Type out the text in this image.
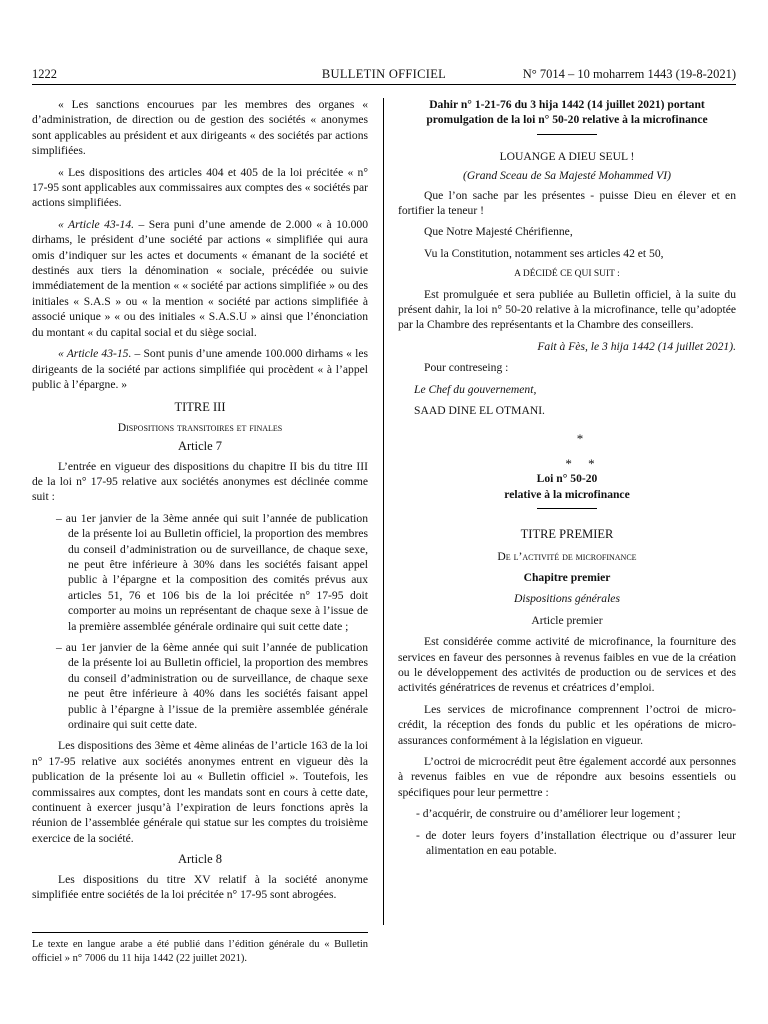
BULLETIN OFFICIEL
1222	N° 7014 – 10 moharrem 1443 (19-8-2021)

« Les sanctions encourues par les membres des organes « d’administration, de direction ou de gestion des sociétés « anonymes sont applicables au président et aux dirigeants « des sociétés par actions simplifiées.

« Les dispositions des articles 404 et 405 de la loi précitée « n° 17-95 sont applicables aux commissaires aux comptes des « sociétés par actions simplifiées.

« Article 43-14. – Sera puni d’une amende de 2.000 « à 10.000 dirhams, le président d’une société par actions « simplifiée qui aura omis d’indiquer sur les actes et documents « émanant de la société et destinés aux tiers la dénomination « sociale, précédée ou suivie immédiatement de la mention « « société par actions simplifiée » ou des initiales « S.A.S » ou « la mention « société par actions simplifiée à associé unique » « ou des initiales « S.A.S.U » ainsi que l’énonciation du montant « du capital social et du siège social.

« Article 43-15. – Sont punis d’une amende 100.000 dirhams « les dirigeants de la société par actions simplifiée qui procèdent « à l’appel public à l’épargne. »

TITRE III

Dispositions transitoires et finales

Article 7

L’entrée en vigueur des dispositions du chapitre II bis du titre III de la loi n° 17-95 relative aux sociétés anonymes est déclinée comme suit :

– au 1er janvier de la 3ème année qui suit l’année de publication de la présente loi au Bulletin officiel, la proportion des membres du conseil d’administration ou de surveillance, de chaque sexe, ne peut être inférieure à 30% dans les sociétés faisant appel public à l’épargne et la composition des comités prévus aux articles 51, 76 et 106 bis de la loi précitée n° 17-95 doit comporter au moins un représentant de chaque sexe à l’issue de la première assemblée générale ordinaire qui suit cette date ;

– au 1er janvier de la 6ème année qui suit l’année de publication de la présente loi au Bulletin officiel, la proportion des membres du conseil d’administration ou de surveillance, de chaque sexe ne peut être inférieure à 40% dans les sociétés faisant appel public à l’épargne à l’issue de la première assemblée générale ordinaire qui suit cette date.

Les dispositions des 3ème et 4ème alinéas de l’article 163 de la loi n° 17-95 relative aux sociétés anonymes entrent en vigueur dès la publication de la présente loi au « Bulletin officiel ». Toutefois, les commissaires aux comptes, dont les mandats sont en cours à cette date, continuent à exercer jusqu’à l’expiration de leurs fonctions après la réunion de l’assemblée générale qui statue sur les comptes du troisième exercice de la société.

Article 8

Les dispositions du titre XV relatif à la société anonyme simplifiée entre sociétés de la loi précitée n° 17-95 sont abrogées.

Le texte en langue arabe a été publié dans l’édition générale du « Bulletin officiel » n° 7006 du 11 hija 1442 (22 juillet 2021).

Dahir n° 1-21-76 du 3 hija 1442 (14 juillet 2021) portant promulgation de la loi n° 50-20 relative à la microfinance

LOUANGE A DIEU SEUL !

(Grand Sceau de Sa Majesté Mohammed VI)

Que l’on sache par les présentes - puisse Dieu en élever et en fortifier la teneur !

Que Notre Majesté Chérifienne,

Vu la Constitution, notamment ses articles 42 et 50,

A DÉCIDÉ CE QUI SUIT :

Est promulguée et sera publiée au Bulletin officiel, à la suite du présent dahir, la loi n° 50-20 relative à la microfinance, telle qu’adoptée par la Chambre des représentants et la Chambre des conseillers.

Fait à Fès, le 3 hija 1442 (14 juillet 2021).

Pour contreseing :

Le Chef du gouvernement,

SAAD DINE EL OTMANI.

*

*     *

Loi n° 50-20

relative à la microfinance

TITRE PREMIER

De l’activité de microfinance

Chapitre premier

Dispositions générales

Article premier

Est considérée comme activité de microfinance, la fourniture des services en faveur des personnes à revenus faibles en vue de la création ou le développement des activités de production ou de services et des activités génératrices de revenus et créatrices d’emploi.

Les services de microfinance comprennent l’octroi de micro-crédit, la réception des fonds du public et les opérations de micro-assurances conformément à la législation en vigueur.

L’octroi de microcrédit peut être également accordé aux personnes à revenus faibles en vue de répondre aux besoins essentiels ou spécifiques pour leur permettre :

- d’acquérir, de construire ou d’améliorer leur logement ;

- de doter leurs foyers d’installation électrique ou d’assurer leur alimentation en eau potable.
